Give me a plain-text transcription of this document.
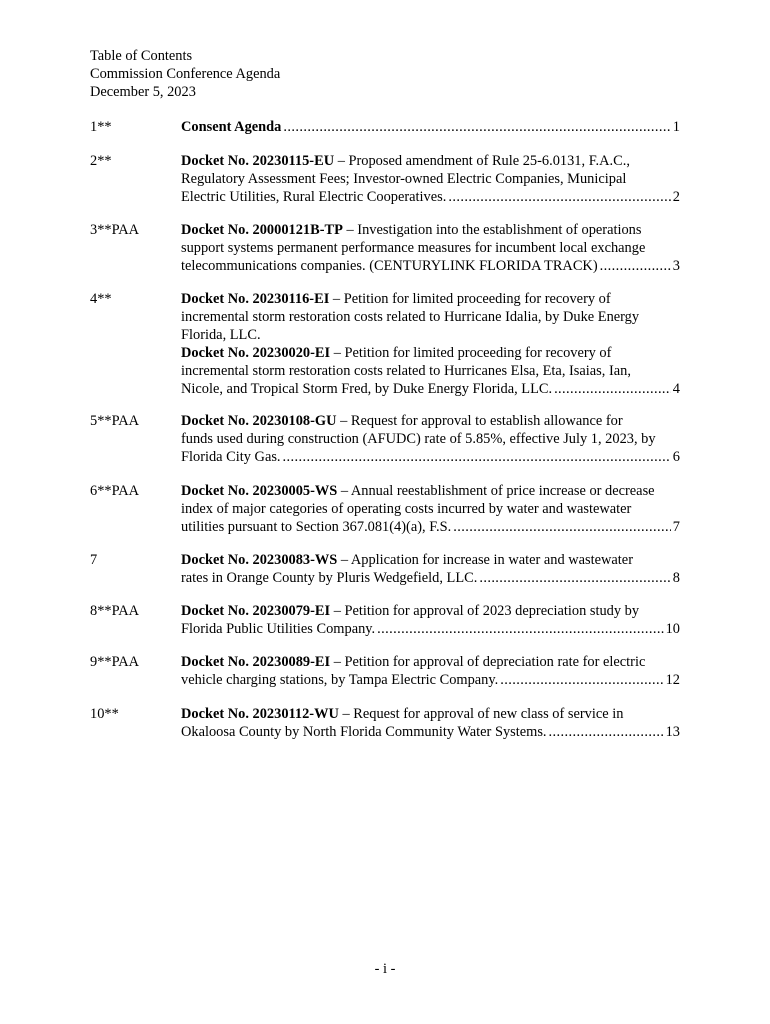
Table of Contents
Commission Conference Agenda
December 5, 2023
1**	Consent Agenda . . .	1
2**	Docket No. 20230115-EU – Proposed amendment of Rule 25-6.0131, F.A.C.,
Regulatory Assessment Fees; Investor-owned Electric Companies, Municipal
Electric Utilities, Rural Electric Cooperatives. . . .	2
3**PAA	Docket No. 20000121B-TP – Investigation into the establishment of operations
support systems permanent performance measures for incumbent local exchange
telecommunications companies. (CENTURYLINK FLORIDA TRACK) . . .	3
4**	Docket No. 20230116-EI – Petition for limited proceeding for recovery of
incremental storm restoration costs related to Hurricane Idalia, by Duke Energy
Florida, LLC.
Docket No. 20230020-EI – Petition for limited proceeding for recovery of
incremental storm restoration costs related to Hurricanes Elsa, Eta, Isaias, Ian,
Nicole, and Tropical Storm Fred, by Duke Energy Florida, LLC. . . .	4
5**PAA	Docket No. 20230108-GU – Request for approval to establish allowance for
funds used during construction (AFUDC) rate of 5.85%, effective July 1, 2023, by
Florida City Gas. . . .	6
6**PAA	Docket No. 20230005-WS – Annual reestablishment of price increase or decrease
index of major categories of operating costs incurred by water and wastewater
utilities pursuant to Section 367.081(4)(a), F.S. . . .	7
7	Docket No. 20230083-WS – Application for increase in water and wastewater
rates in Orange County by Pluris Wedgefield, LLC. . . .	8
8**PAA	Docket No. 20230079-EI – Petition for approval of 2023 depreciation study by
Florida Public Utilities Company. . . .	10
9**PAA	Docket No. 20230089-EI – Petition for approval of depreciation rate for electric
vehicle charging stations, by Tampa Electric Company. . . .	12
10**	Docket No. 20230112-WU – Request for approval of new class of service in
Okaloosa County by North Florida Community Water Systems. . . .	13
- i -
